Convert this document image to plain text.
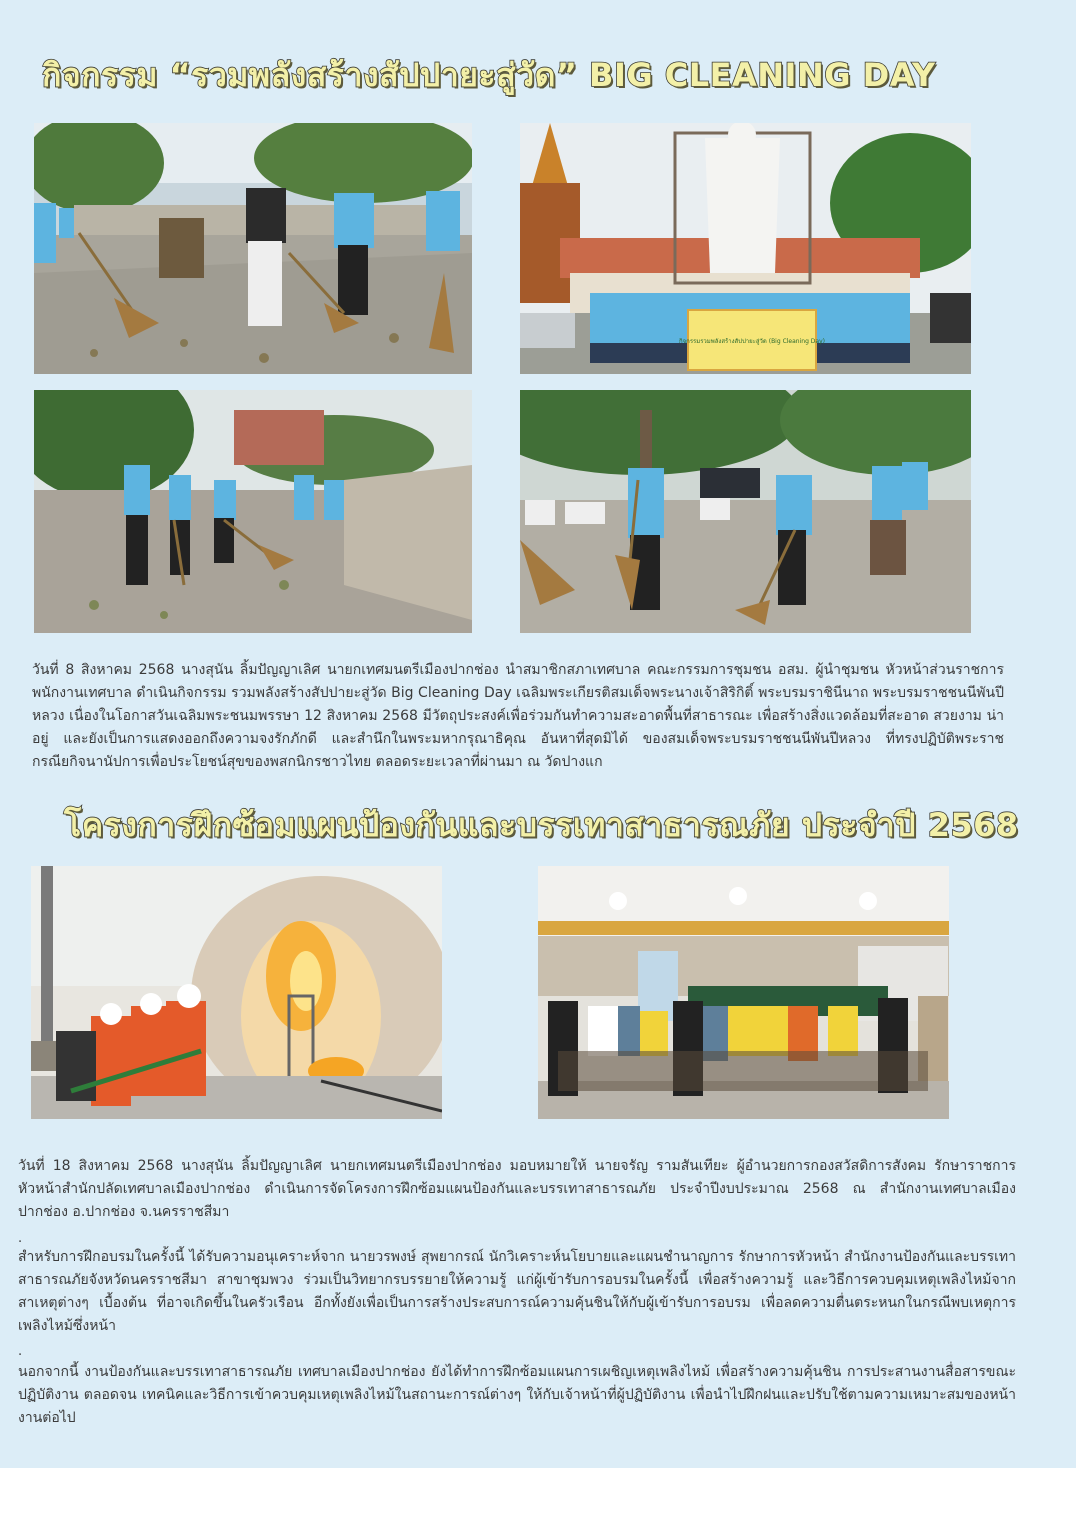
กิจกรรม “รวมพลังสร้างสัปปายะสู่วัด” BIG CLEANING DAY
กิจกรรมรวมพลังสร้างสัปปายะสู่วัด (Big Cleaning Day)

วันที่ 8 สิงหาคม 2568 นางสุนัน ลิ้มปัญญาเลิศ นายกเทศมนตรีเมืองปากช่อง นำสมาชิกสภาเทศบาล คณะกรรมการชุมชน อสม. ผู้นำชุมชน หัวหน้าส่วนราชการ พนักงานเทศบาล ดำเนินกิจกรรม รวมพลังสร้างสัปปายะสู่วัด Big Cleaning Day เฉลิมพระเกียรติสมเด็จพระนางเจ้าสิริกิติ์ พระบรมราชินีนาถ พระบรมราชชนนีพันปีหลวง เนื่องในโอกาสวันเฉลิมพระชนมพรรษา 12 สิงหาคม 2568 มีวัตถุประสงค์เพื่อร่วมกันทำความสะอาดพื้นที่สาธารณะ เพื่อสร้างสิ่งแวดล้อมที่สะอาด สวยงาม น่าอยู่ และยังเป็นการแสดงออกถึงความจงรักภักดี และสำนึกในพระมหากรุณาธิคุณ อันหาที่สุดมิได้ ของสมเด็จพระบรมราชชนนีพันปีหลวง ที่ทรงปฏิบัติพระราชกรณียกิจนานัปการเพื่อประโยชน์สุขของพสกนิกรชาวไทย ตลอดระยะเวลาที่ผ่านมา ณ วัดปางแก

โครงการฝึกซ้อมแผนป้องกันและบรรเทาสาธารณภัย ประจำปี 2568

วันที่ 18 สิงหาคม 2568 นางสุนัน ลิ้มปัญญาเลิศ นายกเทศมนตรีเมืองปากช่อง มอบหมายให้ นายจรัญ รามสันเทียะ ผู้อำนวยการกองสวัสดิการสังคม รักษาราชการหัวหน้าสำนักปลัดเทศบาลเมืองปากช่อง ดำเนินการจัดโครงการฝึกซ้อมแผนป้องกันและบรรเทาสาธารณภัย ประจำปีงบประมาณ 2568 ณ สำนักงานเทศบาลเมืองปากช่อง อ.ปากช่อง จ.นครราชสีมา

.

สำหรับการฝึกอบรมในครั้งนี้ ได้รับความอนุเคราะห์จาก นายวรพงษ์ สุพยากรณ์ นักวิเคราะห์นโยบายและแผนชำนาญการ รักษาการหัวหน้า สำนักงานป้องกันและบรรเทาสาธารณภัยจังหวัดนครราชสีมา สาขาชุมพวง ร่วมเป็นวิทยากรบรรยายให้ความรู้ แก่ผู้เข้ารับการอบรมในครั้งนี้ เพื่อสร้างความรู้ และวิธีการควบคุมเหตุเพลิงไหม้จากสาเหตุต่างๆ เบื้องต้น ที่อาจเกิดขึ้นในครัวเรือน อีกทั้งยังเพื่อเป็นการสร้างประสบการณ์ความคุ้นชินให้กับผู้เข้ารับการอบรม เพื่อลดความตื่นตระหนกในกรณีพบเหตุการเพลิงไหม้ซึ่งหน้า

.

นอกจากนี้ งานป้องกันและบรรเทาสาธารณภัย เทศบาลเมืองปากช่อง ยังได้ทำการฝึกซ้อมแผนการเผชิญเหตุเพลิงไหม้ เพื่อสร้างความคุ้นชิน การประสานงานสื่อสารขณะปฏิบัติงาน ตลอดจน เทคนิคและวิธีการเข้าควบคุมเหตุเพลิงไหม้ในสถานะการณ์ต่างๆ ให้กับเจ้าหน้าที่ผู้ปฏิบัติงาน เพื่อนำไปฝึกฝนและปรับใช้ตามความเหมาะสมของหน้างานต่อไป
